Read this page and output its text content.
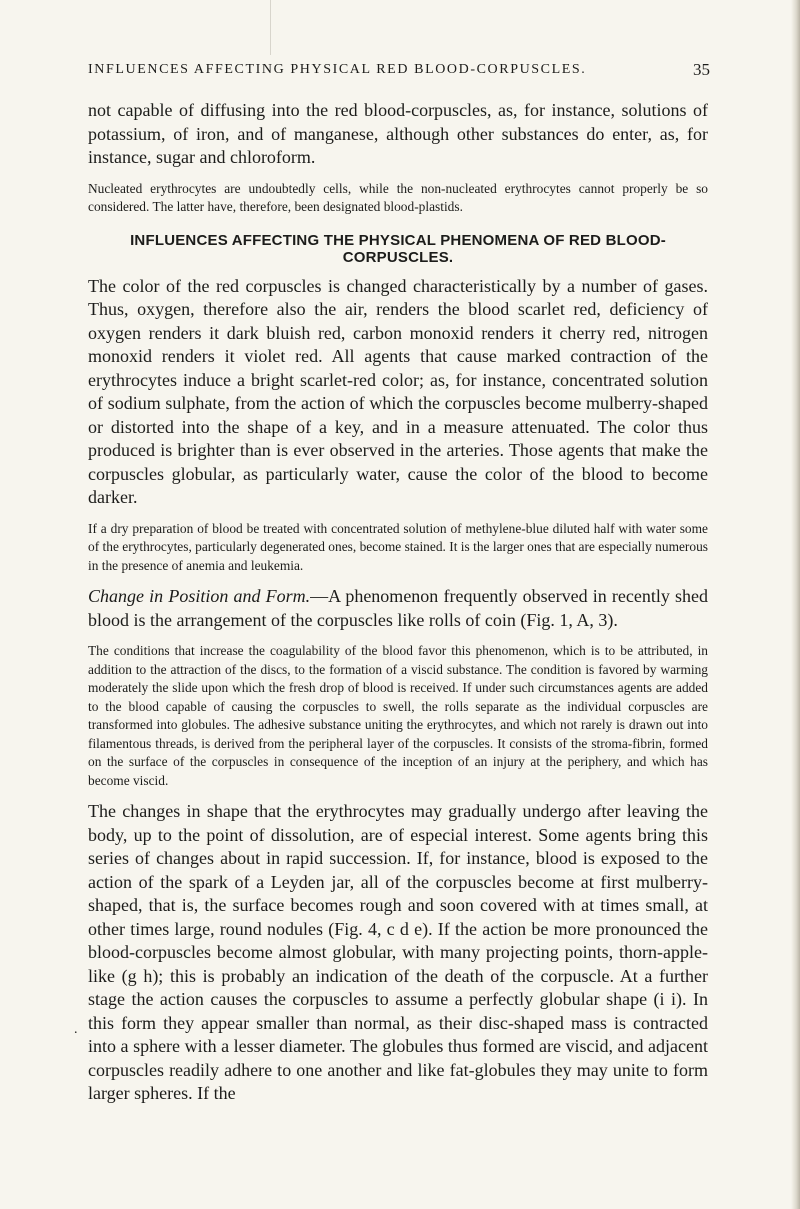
INFLUENCES AFFECTING PHYSICAL RED BLOOD-CORPUSCLES.	35

not capable of diffusing into the red blood-corpuscles, as, for instance, solutions of potassium, of iron, and of manganese, although other substances do enter, as, for instance, sugar and chloroform.

Nucleated erythrocytes are undoubtedly cells, while the non-nucleated erythrocytes cannot properly be so considered. The latter have, therefore, been designated blood-plastids.

INFLUENCES AFFECTING THE PHYSICAL PHENOMENA OF RED BLOOD-CORPUSCLES.

The color of the red corpuscles is changed characteristically by a number of gases. Thus, oxygen, therefore also the air, renders the blood scarlet red, deficiency of oxygen renders it dark bluish red, carbon monoxid renders it cherry red, nitrogen monoxid renders it violet red. All agents that cause marked contraction of the erythrocytes induce a bright scarlet-red color; as, for instance, concentrated solution of sodium sulphate, from the action of which the corpuscles become mulberry-shaped or distorted into the shape of a key, and in a measure attenuated. The color thus produced is brighter than is ever observed in the arteries. Those agents that make the corpuscles globular, as particularly water, cause the color of the blood to become darker.

If a dry preparation of blood be treated with concentrated solution of methylene-blue diluted half with water some of the erythrocytes, particularly degenerated ones, become stained. It is the larger ones that are especially numerous in the presence of anemia and leukemia.

Change in Position and Form.—A phenomenon frequently observed in recently shed blood is the arrangement of the corpuscles like rolls of coin (Fig. 1, A, 3).

The conditions that increase the coagulability of the blood favor this phenomenon, which is to be attributed, in addition to the attraction of the discs, to the formation of a viscid substance. The condition is favored by warming moderately the slide upon which the fresh drop of blood is received. If under such circumstances agents are added to the blood capable of causing the corpuscles to swell, the rolls separate as the individual corpuscles are transformed into globules. The adhesive substance uniting the erythrocytes, and which not rarely is drawn out into filamentous threads, is derived from the peripheral layer of the corpuscles. It consists of the stroma-fibrin, formed on the surface of the corpuscles in consequence of the inception of an injury at the periphery, and which has become viscid.

The changes in shape that the erythrocytes may gradually undergo after leaving the body, up to the point of dissolution, are of especial interest. Some agents bring this series of changes about in rapid succession. If, for instance, blood is exposed to the action of the spark of a Leyden jar, all of the corpuscles become at first mulberry-shaped, that is, the surface becomes rough and soon covered with at times small, at other times large, round nodules (Fig. 4, c d e). If the action be more pronounced the blood-corpuscles become almost globular, with many projecting points, thorn-apple-like (g h); this is probably an indication of the death of the corpuscle. At a further stage the action causes the corpuscles to assume a perfectly globular shape (i i). In this form they appear smaller than normal, as their disc-shaped mass is contracted into a sphere with a lesser diameter. The globules thus formed are viscid, and adjacent corpuscles readily adhere to one another and like fat-globules they may unite to form larger spheres. If the

.
